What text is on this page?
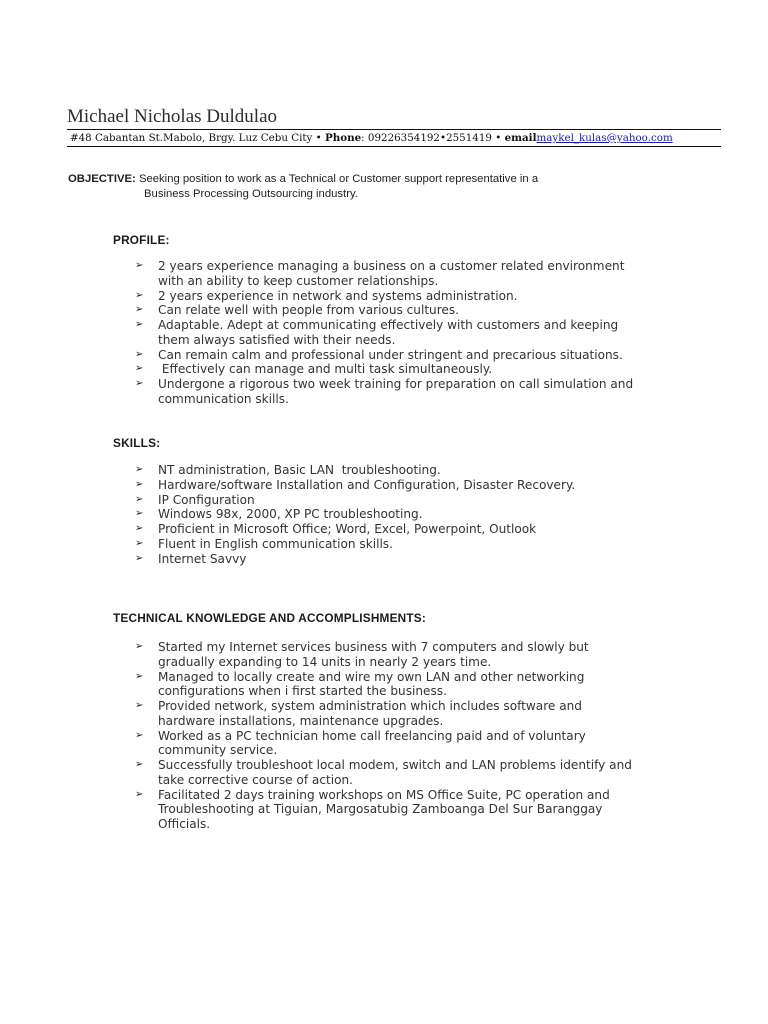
Michael Nicholas Duldulao
#48 Cabantan St.Mabolo, Brgy. Luz Cebu City • Phone: 09226354192•2551419 • emailmaykel_kulas@yahoo.com
OBJECTIVE: Seeking position to work as a Technical or Customer support representative in a
Business Processing Outsourcing industry.
PROFILE:
➢ 2 years experience managing a business on a customer related environment
with an ability to keep customer relationships.
➢ 2 years experience in network and systems administration.
➢ Can relate well with people from various cultures.
➢ Adaptable. Adept at communicating effectively with customers and keeping
them always satisfied with their needs.
➢ Can remain calm and professional under stringent and precarious situations.
➢ Effectively can manage and multi task simultaneously.
➢ Undergone a rigorous two week training for preparation on call simulation and
communication skills.
SKILLS:
➢ NT administration, Basic LAN  troubleshooting.
➢ Hardware/software Installation and Configuration, Disaster Recovery.
➢ IP Configuration
➢ Windows 98x, 2000, XP PC troubleshooting.
➢ Proficient in Microsoft Office; Word, Excel, Powerpoint, Outlook
➢ Fluent in English communication skills.
➢ Internet Savvy
TECHNICAL KNOWLEDGE AND ACCOMPLISHMENTS:
➢ Started my Internet services business with 7 computers and slowly but
gradually expanding to 14 units in nearly 2 years time.
➢ Managed to locally create and wire my own LAN and other networking
configurations when i first started the business.
➢ Provided network, system administration which includes software and
hardware installations, maintenance upgrades.
➢ Worked as a PC technician home call freelancing paid and of voluntary
community service.
➢ Successfully troubleshoot local modem, switch and LAN problems identify and
take corrective course of action.
➢ Facilitated 2 days training workshops on MS Office Suite, PC operation and
Troubleshooting at Tiguian, Margosatubig Zamboanga Del Sur Baranggay
Officials.
